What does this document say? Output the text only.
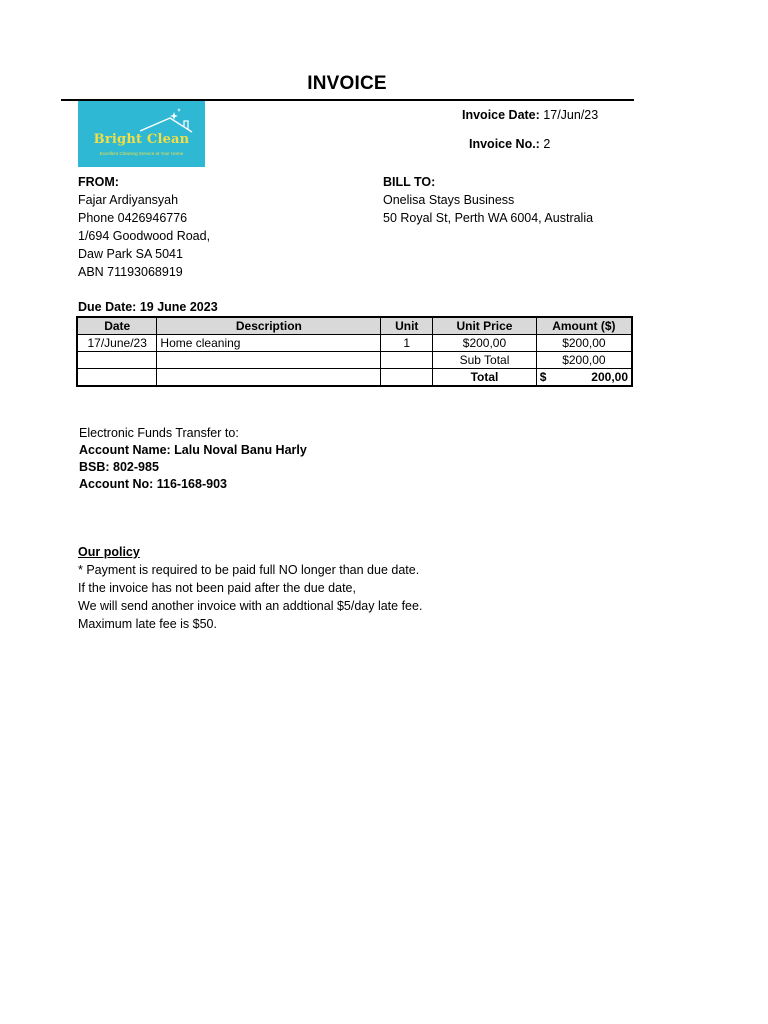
INVOICE
Bright Clean
Excellent Cleaning Service at Your Home
Invoice Date: 17/Jun/23
Invoice No.: 2
FROM:
Fajar Ardiyansyah
Phone 0426946776
1/694 Goodwood Road,
Daw Park SA 5041
ABN 71193068919
BILL TO:
Onelisa Stays Business
50 Royal St, Perth WA 6004, Australia
Due Date: 19 June 2023
Date	Description	Unit	Unit Price	Amount ($)
17/June/23	Home cleaning	1	$200,00	$200,00
			Sub Total	$200,00
			Total	$ 200,00
Electronic Funds Transfer to:
Account Name: Lalu Noval Banu Harly
BSB: 802-985
Account No: 116-168-903
Our policy
* Payment is required to be paid full NO longer than due date.
If the invoice has not been paid after the due date,
We will send another invoice with an addtional $5/day late fee.
Maximum late fee is $50.
